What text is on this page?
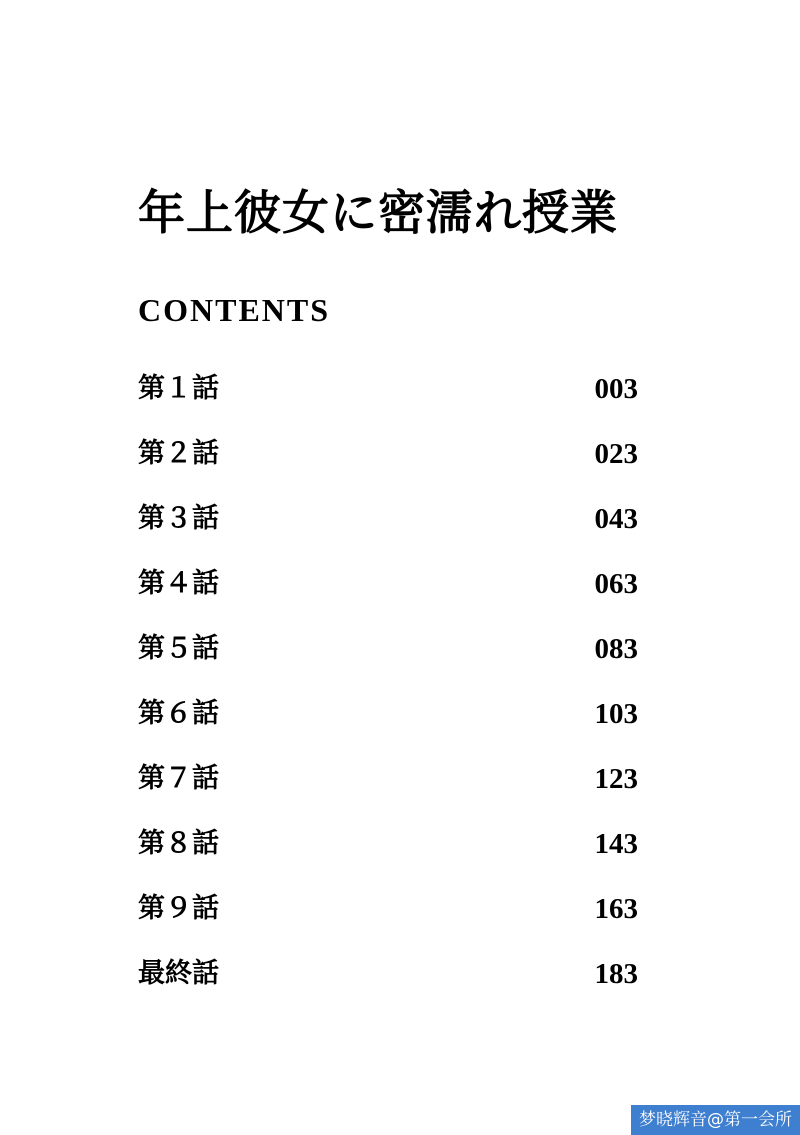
年上彼女に密濡れ授業
CONTENTS
第１話	003
第２話	023
第３話	043
第４話	063
第５話	083
第６話	103
第７話	123
第８話	143
第９話	163
最終話	183
梦晓辉音@第一会所
